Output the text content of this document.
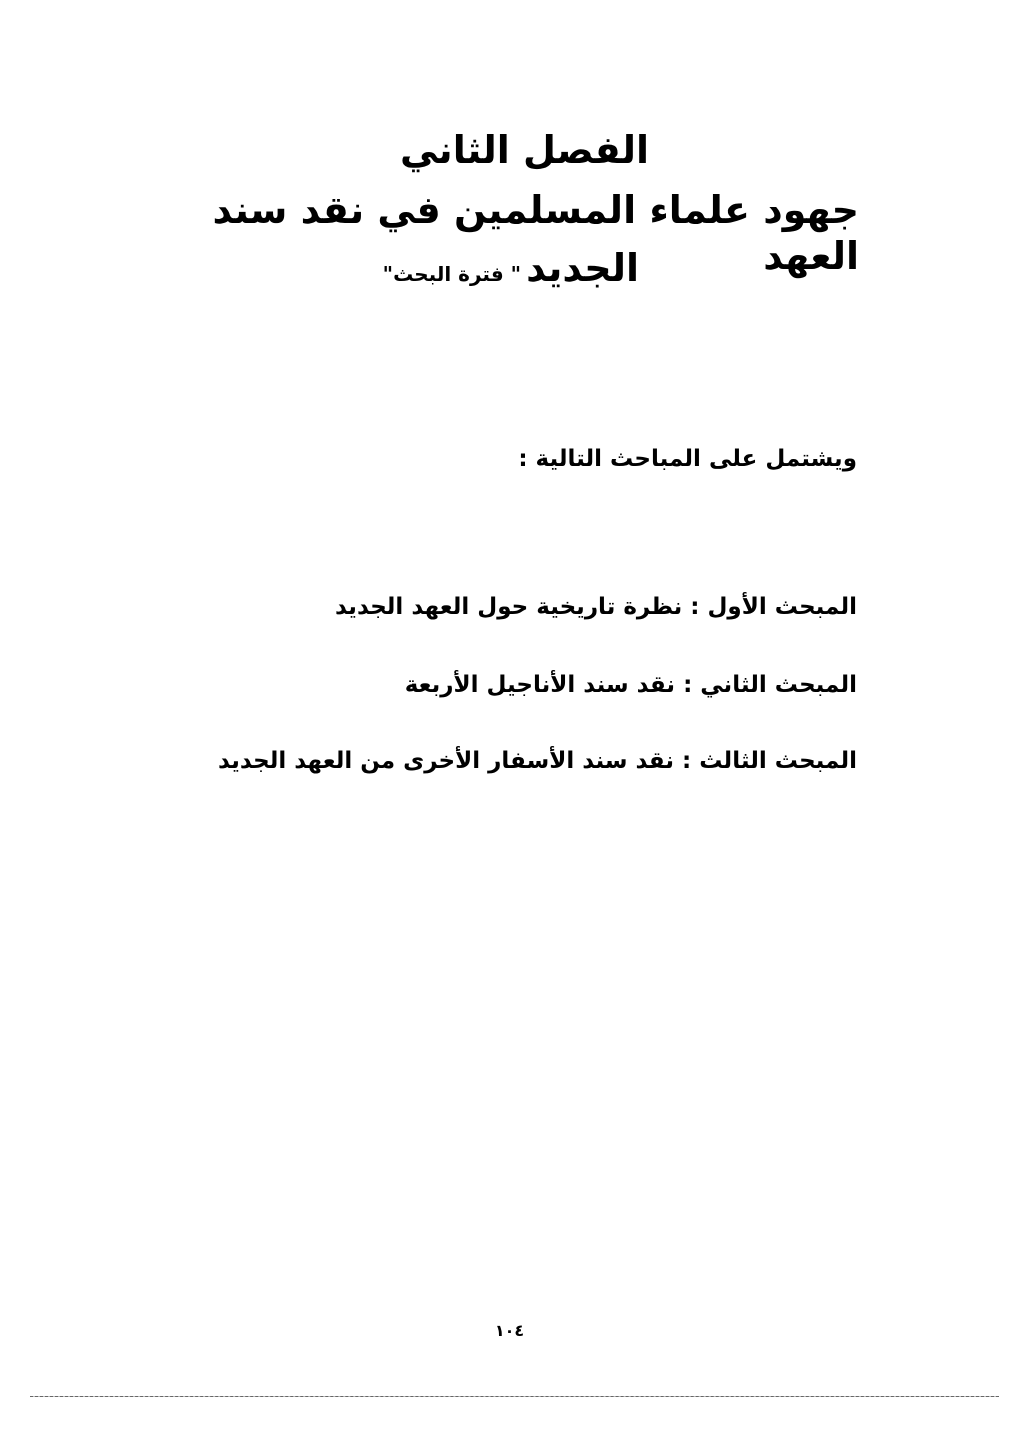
الفصل الثاني
جهود علماء المسلمين في نقد سند العهد
الجديد " فترة البحث"
ويشتمل على المباحث التالية :
المبحث الأول : نظرة تاريخية حول العهد الجديد
المبحث الثاني : نقد سند الأناجيل الأربعة
المبحث الثالث : نقد سند الأسفار الأخرى من العهد الجديد
١٠٤
